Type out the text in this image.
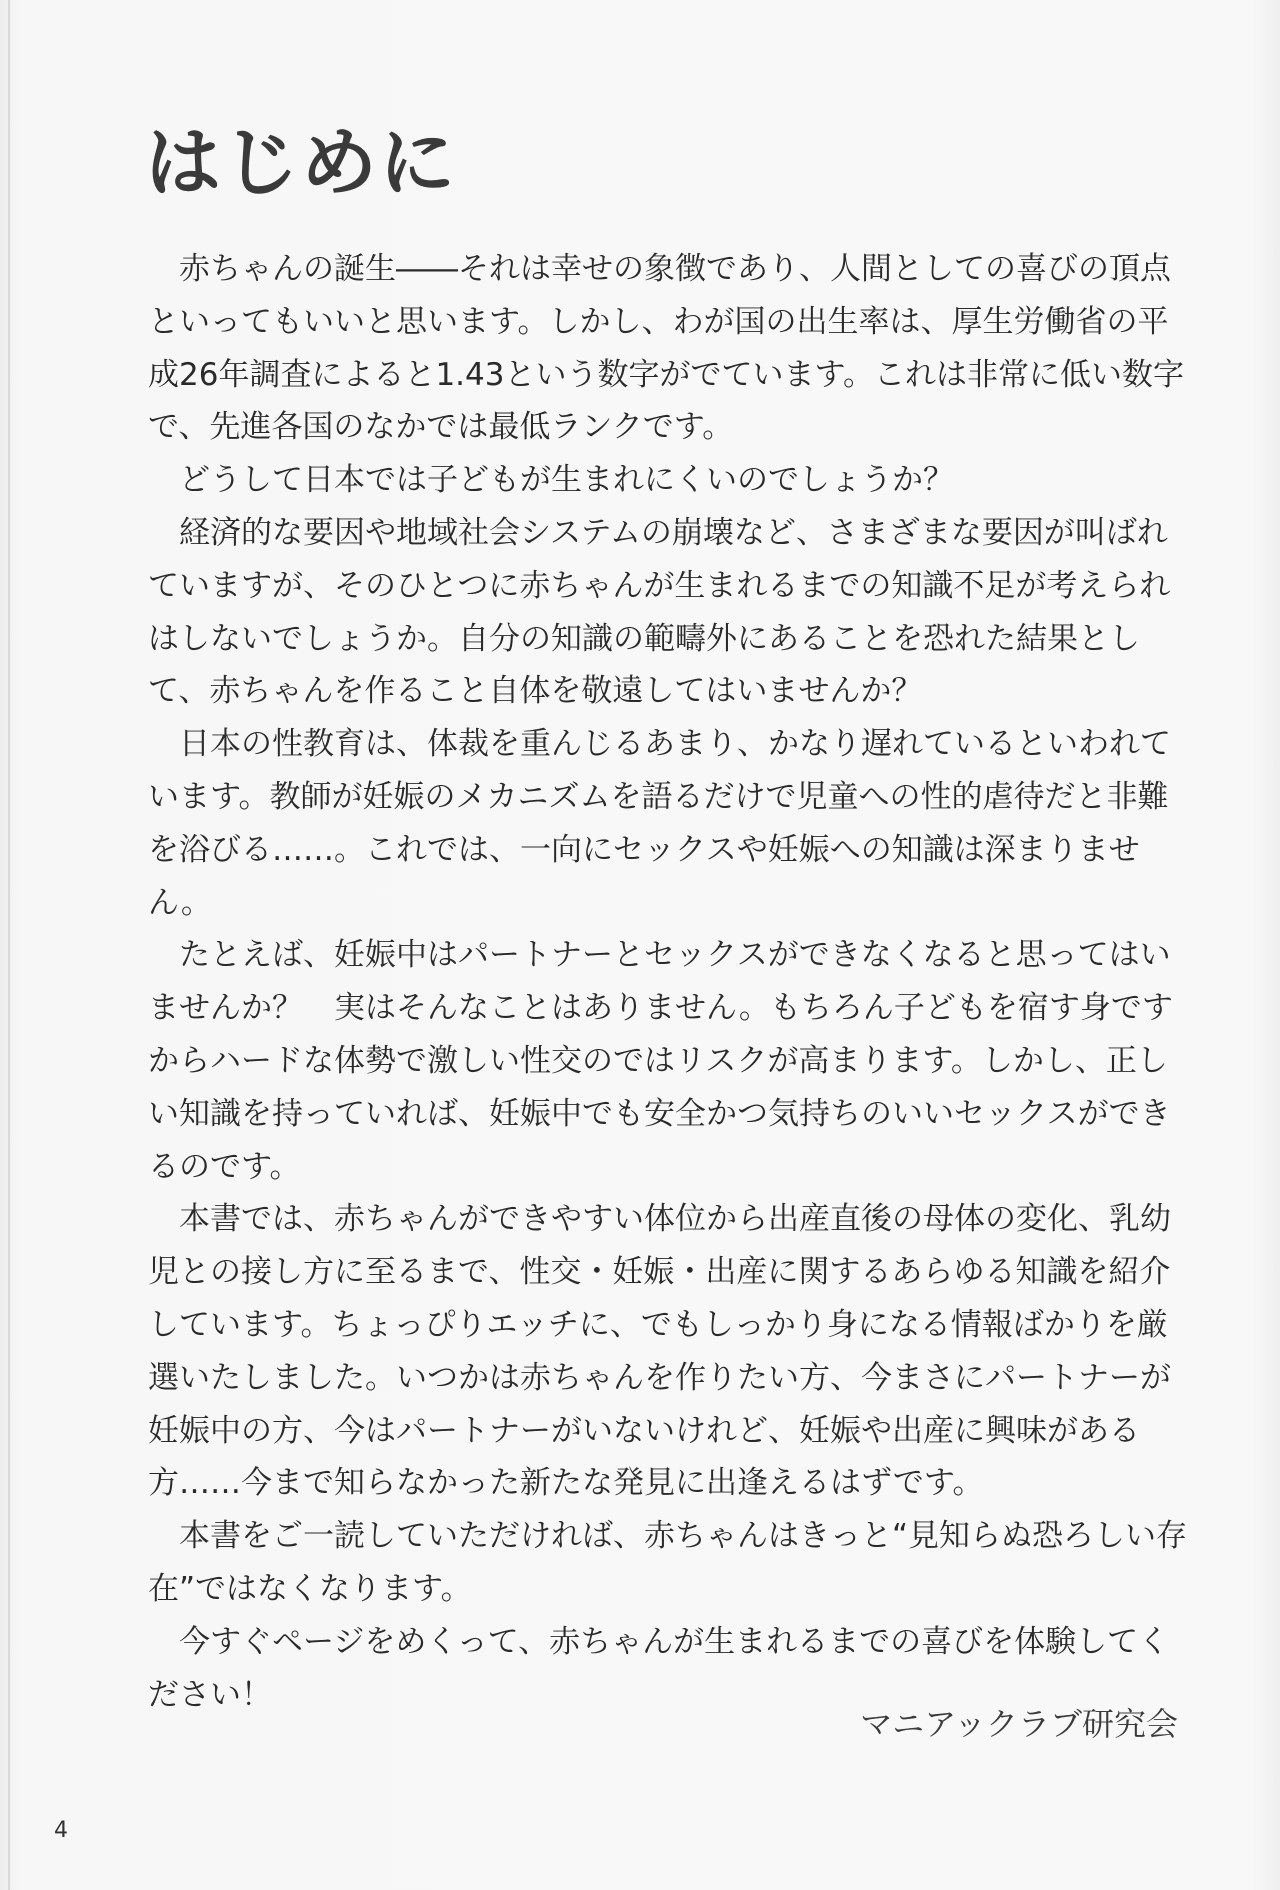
はじめに

赤ちゃんの誕生――それは幸せの象徴であり、人間としての喜びの頂点といってもいいと思います。しかし、わが国の出生率は、厚生労働省の平成26年調査によると1.43という数字がでています。これは非常に低い数字で、先進各国のなかでは最低ランクです。

どうして日本では子どもが生まれにくいのでしょうか？

経済的な要因や地域社会システムの崩壊など、さまざまな要因が叫ばれていますが、そのひとつに赤ちゃんが生まれるまでの知識不足が考えられはしないでしょうか。自分の知識の範疇外にあることを恐れた結果として、赤ちゃんを作ること自体を敬遠してはいませんか？

日本の性教育は、体裁を重んじるあまり、かなり遅れているといわれています。教師が妊娠のメカニズムを語るだけで児童への性的虐待だと非難を浴びる……。これでは、一向にセックスや妊娠への知識は深まりません。

たとえば、妊娠中はパートナーとセックスができなくなると思ってはいませんか？　実はそんなことはありません。もちろん子どもを宿す身ですからハードな体勢で激しい性交のではリスクが高まります。しかし、正しい知識を持っていれば、妊娠中でも安全かつ気持ちのいいセックスができるのです。

本書では、赤ちゃんができやすい体位から出産直後の母体の変化、乳幼児との接し方に至るまで、性交・妊娠・出産に関するあらゆる知識を紹介しています。ちょっぴりエッチに、でもしっかり身になる情報ばかりを厳選いたしました。いつかは赤ちゃんを作りたい方、今まさにパートナーが妊娠中の方、今はパートナーがいないけれど、妊娠や出産に興味がある方……今まで知らなかった新たな発見に出逢えるはずです。

本書をご一読していただければ、赤ちゃんはきっと“見知らぬ恐ろしい存在”ではなくなります。

今すぐページをめくって、赤ちゃんが生まれるまでの喜びを体験してください！

マニアックラブ研究会
4
